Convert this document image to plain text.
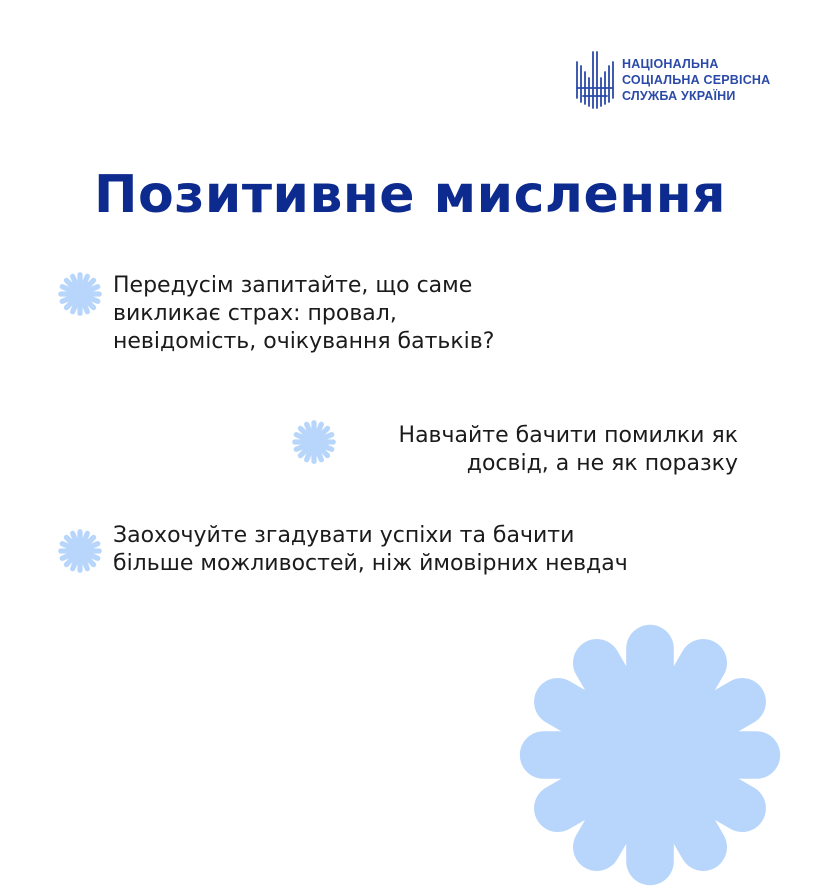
НАЦІОНАЛЬНА
СОЦІАЛЬНА СЕРВІСНА
СЛУЖБА УКРАЇНИ
Позитивне мислення
Передусім запитайте, що саме
викликає страх: провал,
невідомість, очікування батьків?
Навчайте бачити помилки як
досвід, а не як поразку
Заохочуйте згадувати успіхи та бачити
більше можливостей, ніж ймовірних невдач
